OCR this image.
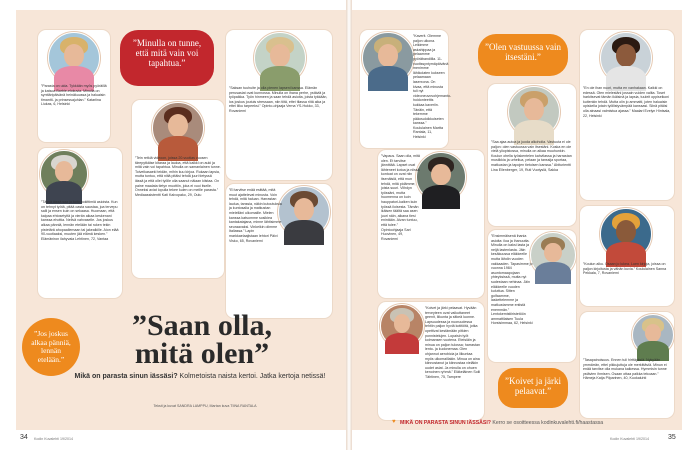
”Parasta on uida. Tykkään myös pyöräillä ja katsoa Barbie-elokuvia. Minulla on synttäripäivänä heinäkuussa ja haluaisin timantti- ja prinsessajuhlan.” Katariina Liukas, 6, Helsinki

”Minulla on tunne, että mitä vain voi tapahtua.”

”Saksan tuuhuite ja olla pienen lapseni kanssa. Elämän perusasiat ovat kunnossa. Minulla on ihana perhe, ystäviä ja työpaikka. Työn hinmeen ja saan tehdä asioita, joista tykkään, los joskus joutuis stressaan, niin tiitä, ettei tilassa riitä aika ja ettei liiku tarpeeksi.” Opinto-ohjaaja Verna YS-Hukko, 33, Rovaniemi

”Tässä iässä saa jo kotu nokittimiä asioista. Kun on tehnyt työtä, pitää oasta saustaa, joa tervepu salli ja ensen kuin on sekaasa. Huomaan, että kaipaa ehtosetyttä ja vierän aikaa keskenani kanssa ehottia. Nelivä vahvaselle. Jos joskus alkaa pänniä, lennän etelään tai ruken tekin pistetärä ahopaallemaan tai jakealkille. Aion elää 90-vuotiaaksi, muuten jää elämä kesken.” Elämäniron ilahyvaia Lehtinen, 72, Vantaa

”Tein retkiä videoon, joissa 20-vuotias vuosen tärepytkäise kitaraa ja lauloa, että kaikki on auki ja mitä vain voi tapahtua. Minulla on samanlainen tunne. Toiveikasaeki teidän, mihin kuu kirjoa. Rukaan lapsia, mutta tuntuu, että niitä pitäisi tehdä juuri tietyssä iässä ja että ollei työlle olla saanut näiaan kiistaa. On paine maalata tietyn muottiin, joka ei vuoi itselle. Onneksi aviat lopulla tekee kulen on meille parasta.” Mediaassistentti Kati Kalvopako, 29, Oulu

”Ei tarvitse enää esittää, mitä muut ajattelevat minusta. Voin tehdä, mitä haluan. Harrastan laulua, tanssia, näkin kutoutuksia ja kuntosalia ja matkustan mielelläni ulkomaille. Mielen kanssa katsomme sosikiea kantakatajana, minne lähtisimme seuraavaksi. Vinkeikin olimme Italiassa.” Lapin markkaelaajistaan lehtori Päivi Visko, 65, Rovaniemi

”Jos joskus alkaa pänniä, lennän etelään.”
”Saan olla,
mitä olen”
Mikä on parasta sinun iässäsi? Kolmetoista naista kertoi. Jatka kertoja netissä!
Teksti ja kuvat SANDRA LAMPPU, Martan kuva TIINA RANTALA
34 Kodin Kuvalehti 19/2014

”Kaverit. Olemme paljon ulkona. Leikimme askahippaa ja pelaamme pyöräbandiilla. 11-vuotissyntymäpäivänä menimme lähikolaten kukseen pelaamaan laserxona. On kivaa, että minusta tuli nyt videoneuvovohjemanto-hoidonteettis kukkaa kaveriin. Tänäin, että tekemme pääosuloikkuiseten kanssa.” Koululainen Martta Rantala, 11, Helsinki

”Olen vastuussa vain itsestäni.”

”En ole ihan nuori, mutta en vanhakaan. Kaikki on edessä. Olen mielestäni jossain vuiden valita. Toset harkitsevat tämän ikäisinä ja lapsia, tuuleit oppiseikoni kuitenkin tehdä. Mutta olin jo ammatti, joten haluaisin opiskella jotain työllistyvämpää kanssasi. Siinä pitäisi olla ainaasi valmistua ajassa.” Maalari Evelyn Hintsala, 22, Helsinki

”Saa ajaa autoa ja juoda alkoholia. Vastuuta ei ole paljon: olen vastuussa vain itsestäni. Koska en ole vielä yliopistossa, minulla on aikaa muuhunkin. Koulun ohella työskentelen kahvilassa ja harrastan musiikkia ja urheilua, pelaan ja tanssija sportaa, matkustan ja tapojen tietoisen kanssa.” Abiturientti Lina Ellenberger, 19, Ruti Vuotyslä, Sakka

”Vapaus. Saan olla, mitä olen. Et tarvitse jännittää. Lapset ovat lähteneet kotoa ja niissä kontoat on ovat niin itsenäisiä, että mun tehdä, mitä pidämme, joista suuri. Viihdyn työssäni, mutta huomenna on kuin hauppatori-kaiken kuin työssä iloisesta. Tämän ikäisen täältä saa asen juuri näin, aikana tiesi enintään. Aivan tuntuu, että tulee.” Opintoohjaaja Sari Huovinen, 49, Rovaniemi

”Ensimmäisenä ihania asioita: iloa ja ihanuutta. Minulla on kaksi lasta ja neljä lastenlasta. Jäin kesäkuussa eläkkeelle mutta lähdin vuoden vakkaaden. Tapasimme jo vuonna 1984 asuntomaapojaan yhteyksissä, mutta nyt sudestaan nehinaa. Jäin eläkkeelle vuoden kuluttua. Sitten golfaamme, laskettelemme ja matkustamme entistä enemmän.” Lentokemistiiristetöön ammattilaisen Tuula Horsisimmaa, 62, Helsinki

”Koulun alku. Osaan jo lukea. Luen kirjoja, joissa on paljon kirjoitusta ja vähän kuvia.” Koululainen Sanna Pekkala, 7, Rovaniemi

”Koivet ja järki pelaavat. Hyvään terveyteen ovat vaikuttaneet geenit, liikunta ja sitkeä luonne. Lapsuudessa ja nuoruudessa tehtiin paljon hyviä kotitöitä, jotka opettivat kestämään pitkien ponnistelujen. Lopaisin työt kolmansen vuotena. Eteisiäin ja minua on paljon tulossa; harrastan lento- ja kudonemaa. Olen ohjannut aerobicia ja liikuntaa myös ulkomaillakin. Minua on aina kiinnostanut ja kiinnostaa vieläkin uudet asiat. Ja minulla on ohuen kenoinen ryhmä.” Eläkeläinen Soili Tähtinen, 75, Tampere	”Koivet ja järki pelaavat.”

”Tasapainoisuus. Ennen tuli hirttäyksiä. Nykyään ymmärrän, ettei pikkujuttuja ole merkittäviä. Minun ei enää tarvitse olla mukana kaikessa. Hymmisin tunne ystävien ihmisen. Osaan ottaa paikka tekoaan.” Hämeja Katja Pilparinen, 40, Kuokaluhti

♥ MIKÄ ON PARASTA SINUN IÄSSÄSI? Kerro se osoitteessa kodinkuvalehti.fi/haastassa
Kodin Kuvalehti 19/2014	35
